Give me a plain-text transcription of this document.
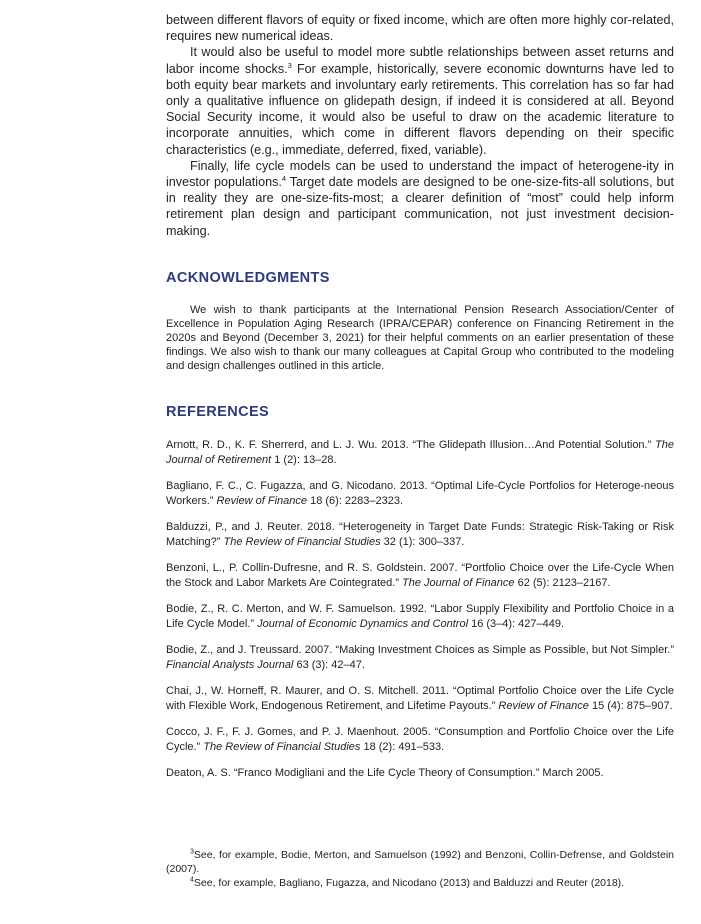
between different flavors of equity or fixed income, which are often more highly cor-related, requires new numerical ideas.

It would also be useful to model more subtle relationships between asset returns and labor income shocks.$^3$ For example, historically, severe economic downturns have led to both equity bear markets and involuntary early retirements. This correlation has so far had only a qualitative influence on glidepath design, if indeed it is considered at all. Beyond Social Security income, it would also be useful to draw on the academic literature to incorporate annuities, which come in different flavors depending on their specific characteristics (e.g., immediate, deferred, fixed, variable).

Finally, life cycle models can be used to understand the impact of heterogene-ity in investor populations.$^4$ Target date models are designed to be one-size-fits-all solutions, but in reality they are one-size-fits-most; a clearer definition of “most” could help inform retirement plan design and participant communication, not just investment decision-making.

ACKNOWLEDGMENTS

We wish to thank participants at the International Pension Research Association/Center of Excellence in Population Aging Research (IPRA/CEPAR) conference on Financing Retirement in the 2020s and Beyond (December 3, 2021) for their helpful comments on an earlier presentation of these findings. We also wish to thank our many colleagues at Capital Group who contributed to the modeling and design challenges outlined in this article.

REFERENCES

Arnott, R. D., K. F. Sherrerd, and L. J. Wu. 2013. “The Glidepath Illusion…And Potential Solution.” The Journal of Retirement 1 (2): 13–28.

Bagliano, F. C., C. Fugazza, and G. Nicodano. 2013. “Optimal Life-Cycle Portfolios for Heteroge-neous Workers.” Review of Finance 18 (6): 2283–2323.

Balduzzi, P., and J. Reuter. 2018. “Heterogeneity in Target Date Funds: Strategic Risk-Taking or Risk Matching?” The Review of Financial Studies 32 (1): 300–337.

Benzoni, L., P. Collin-Dufresne, and R. S. Goldstein. 2007. “Portfolio Choice over the Life-Cycle When the Stock and Labor Markets Are Cointegrated.” The Journal of Finance 62 (5): 2123–2167.

Bodie, Z., R. C. Merton, and W. F. Samuelson. 1992. “Labor Supply Flexibility and Portfolio Choice in a Life Cycle Model.” Journal of Economic Dynamics and Control 16 (3–4): 427–449.

Bodie, Z., and J. Treussard. 2007. “Making Investment Choices as Simple as Possible, but Not Simpler.” Financial Analysts Journal 63 (3): 42–47.

Chai, J., W. Horneff, R. Maurer, and O. S. Mitchell. 2011. “Optimal Portfolio Choice over the Life Cycle with Flexible Work, Endogenous Retirement, and Lifetime Payouts.” Review of Finance 15 (4): 875–907.

Cocco, J. F., F. J. Gomes, and P. J. Maenhout. 2005. “Consumption and Portfolio Choice over the Life Cycle.” The Review of Financial Studies 18 (2): 491–533.

Deaton, A. S. “Franco Modigliani and the Life Cycle Theory of Consumption.” March 2005.

$^3$See, for example, Bodie, Merton, and Samuelson (1992) and Benzoni, Collin-Defrense, and Goldstein (2007).

$^4$See, for example, Bagliano, Fugazza, and Nicodano (2013) and Balduzzi and Reuter (2018).
